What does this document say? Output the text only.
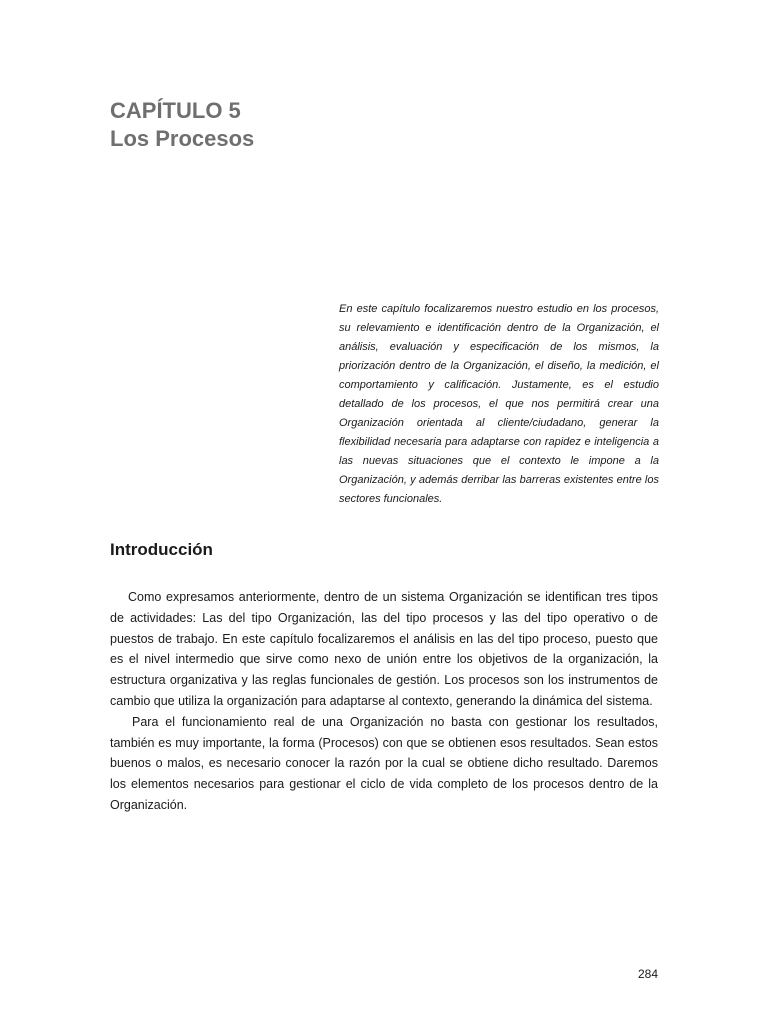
CAPÍTULO 5
Los Procesos

En este capítulo focalizaremos nuestro estudio en los procesos, su relevamiento e identificación dentro de la Organización, el análisis, evaluación y especificación de los mismos, la priorización dentro de la Organización, el diseño, la medición, el comportamiento y calificación. Justamente, es el estudio detallado de los procesos, el que nos permitirá crear una Organización orientada al cliente/ciudadano, generar la flexibilidad necesaria para adaptarse con rapidez e inteligencia a las nuevas situaciones que el contexto le impone a la Organización, y además derribar las barreras existentes entre los sectores funcionales.

Introducción

Como expresamos anteriormente, dentro de un sistema Organización se identifican tres tipos de actividades: Las del tipo Organización, las del tipo procesos y las del tipo operativo o de puestos de trabajo. En este capítulo focalizaremos el análisis en las del tipo proceso, puesto que es el nivel intermedio que sirve como nexo de unión entre los objetivos de la organización, la estructura organizativa y las reglas funcionales de gestión. Los procesos son los instrumentos de cambio que utiliza la organización para adaptarse al contexto, generando la dinámica del sistema.

Para el funcionamiento real de una Organización no basta con gestionar los resultados, también es muy importante, la forma (Procesos) con que se obtienen esos resultados. Sean estos buenos o malos, es necesario conocer la razón por la cual se obtiene dicho resultado. Daremos los elementos necesarios para gestionar el ciclo de vida completo de los procesos dentro de la Organización.

284
